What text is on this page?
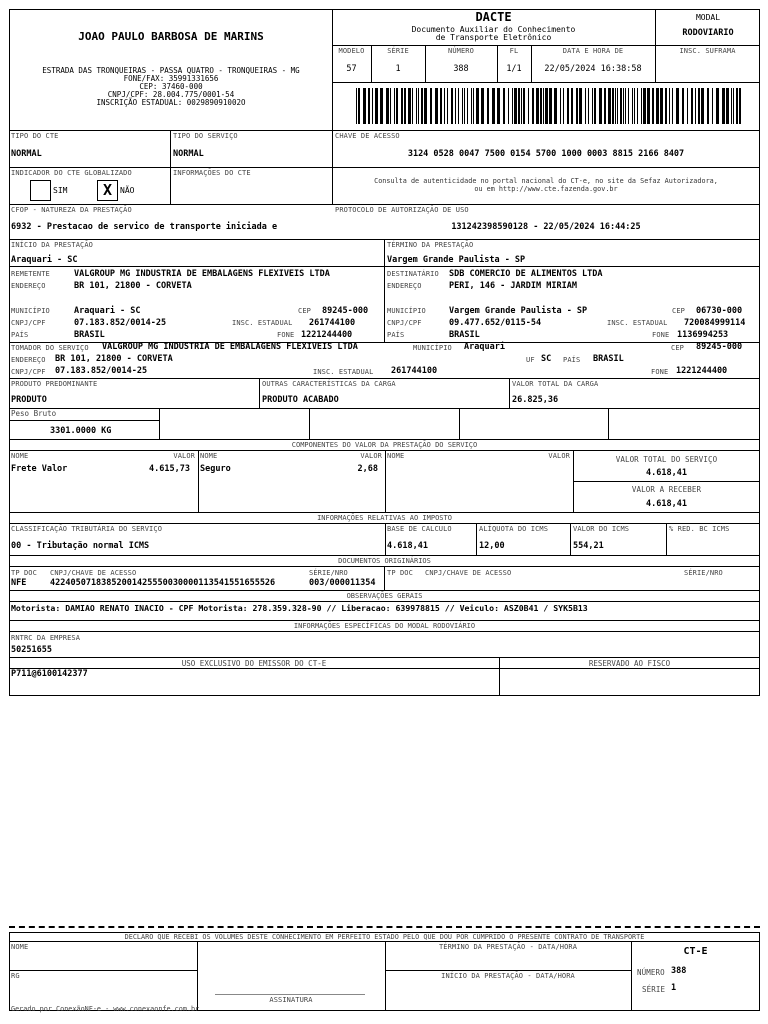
JOAO PAULO BARBOSA DE MARINS
ESTRADA DAS TRONQUEIRAS - PASSA QUATRO - TRONQUEIRAS - MG
FONE/FAX: 35991331656
CEP: 37460-000
CNPJ/CPF: 28.004.775/0001-54
INSCRIÇÃO ESTADUAL: 002989091002O
DACTE
Documento Auxiliar do Conhecimento
de Transporte Eletrônico
MODAL
RODOVIARIO
MODELO	SÉRIE	NÚMERO	FL	DATA E HORA DE	INSC. SUFRAMA
57	1	388	1/1	22/05/2024 16:38:58
TIPO DO CTE
NORMAL
TIPO DO SERVIÇO
NORMAL
CHAVE DE ACESSO
3124 0528 0047 7500 0154 5700 1000 0003 8815 2166 8407
INDICADOR DO CTE GLOBALIZADO
SIM	X NÃO
INFORMAÇÕES DO CTE
Consulta de autenticidade no portal nacional do CT-e, no site da Sefaz Autorizadora,
ou em http://www.cte.fazenda.gov.br
CFOP - NATUREZA DA PRESTAÇÃO
6932 - Prestacao de servico de transporte iniciada e
PROTOCOLO DE AUTORIZAÇÃO DE USO
131242398590128 - 22/05/2024 16:44:25
INÍCIO DA PRESTAÇÃO
Araquari - SC
TÉRMINO DA PRESTAÇÃO
Vargem Grande Paulista - SP
REMETENTE	VALGROUP MG INDUSTRIA DE EMBALAGENS FLEXIVEIS LTDA
ENDEREÇO	BR 101, 21800 - CORVETA
MUNICÍPIO	Araquari - SC	CEP 89245-000
CNPJ/CPF	07.183.852/0014-25	INSC. ESTADUAL 261744100
PAÍS	BRASIL	FONE 1221244400
DESTINATÁRIO SDB COMERCIO DE ALIMENTOS LTDA
ENDEREÇO	PERI, 146 - JARDIM MIRIAM
MUNICÍPIO	Vargem Grande Paulista - SP	CEP 06730-000
CNPJ/CPF	09.477.652/0115-54	INSC. ESTADUAL 720084999114
PAÍS	BRASIL	FONE 1136994253
TOMADOR DO SERVIÇO VALGROUP MG INDUSTRIA DE EMBALAGENS FLEXIVEIS LTDA	MUNICÍPIO Araquari	CEP 89245-000
ENDEREÇO BR 101, 21800 - CORVETA	UF SC PAÍS BRASIL
CNPJ/CPF 07.183.852/0014-25	INSC. ESTADUAL 261744100	FONE 1221244400
PRODUTO PREDOMINANTE
PRODUTO
OUTRAS CARACTERÍSTICAS DA CARGA
PRODUTO ACABADO
VALOR TOTAL DA CARGA
26.825,36
Peso Bruto
3301.0000 KG
COMPONENTES DO VALOR DA PRESTAÇÃO DO SERVIÇO
NOME	VALOR NOME	VALOR NOME	VALOR
Frete Valor	4.615,73 Seguro	2,68
VALOR TOTAL DO SERVIÇO
4.618,41
VALOR A RECEBER
4.618,41
INFORMAÇÕES RELATIVAS AO IMPOSTO
CLASSIFICAÇÃO TRIBUTÁRIA DO SERVIÇO
00 - Tributação normal ICMS
BASE DE CALCULO
4.618,41
ALÍQUOTA DO ICMS
12,00
VALOR DO ICMS
554,21
% RED. BC ICMS
DOCUMENTOS ORIGINÁRIOS
TP DOC CNPJ/CHAVE DE ACESSO	SÉRIE/NRO	TP DOC CNPJ/CHAVE DE ACESSO	SÉRIE/NRO
NFE	42240507183852001425550030000113541551655526	003/000011354
OBSERVAÇÕES GERAIS
Motorista: DAMIAO RENATO INACIO - CPF Motorista: 278.359.328-90 // Liberacao: 639978815 // Veiculo: ASZ0B41 / SYK5B13
INFORMAÇÕES ESPECÍFICAS DO MODAL RODOVIÁRIO
RNTRC DA EMPRESA
50251655
USO EXCLUSIVO DO EMISSOR DO CT-E	RESERVADO AO FISCO
P711@6100142377
DECLARO QUE RECEBI OS VOLUMES DESTE CONHECIMENTO EM PERFEITO ESTADO PELO QUE DOU POR CUMPRIDO O PRESENTE CONTRATO DE TRANSPORTE
NOME
RG
ASSINATURA
TÉRMINO DA PRESTAÇÃO - DATA/HORA
INÍCIO DA PRESTAÇÃO - DATA/HORA
CT-E
NÚMERO 388
SÉRIE 1
Gerado por ConexãoNF-e - www.conexaonfe.com.br
